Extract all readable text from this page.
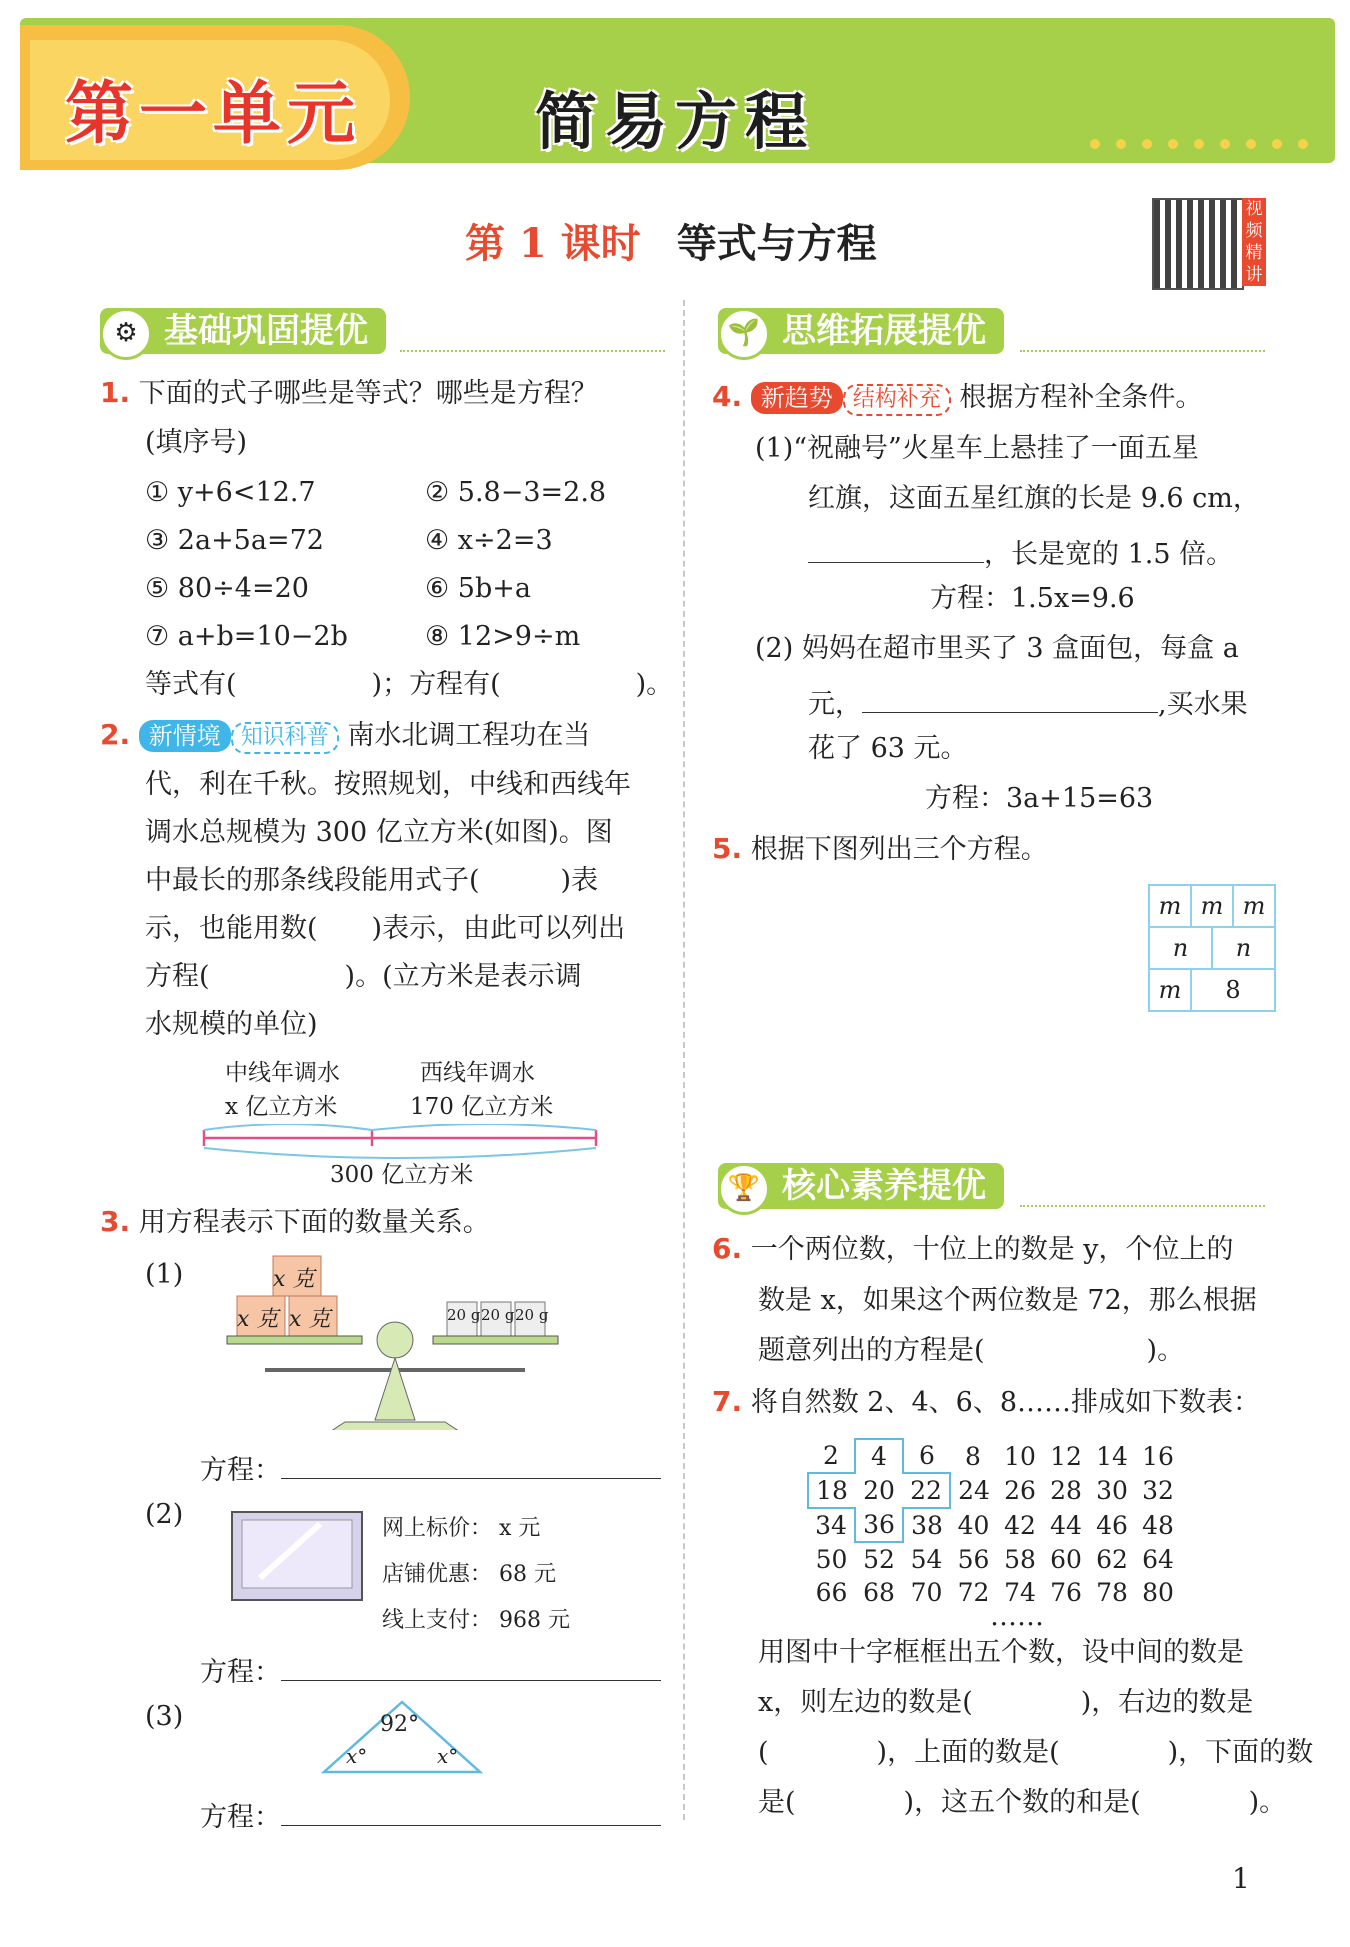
第一单元	简易方程
第 1 课时 等式与方程
视频精讲
基础巩固提优
⚙
1. 下面的式子哪些是等式？哪些是方程？
(填序号)
① y+6<12.7	② 5.8−3=2.8
③ 2a+5a=72	④ x÷2=3
⑤ 80÷4=20	⑥ 5b+a
⑦ a+b=10−2b	⑧ 12>9÷m
等式有(　　　　　)；方程有(　　　　　)。
2. 新情境 知识科普 南水北调工程功在当
代，利在千秋。按照规划，中线和西线年
调水总规模为 300 亿立方米(如图)。图
中最长的那条线段能用式子(　　　)表
示，也能用数(　　)表示，由此可以列出
方程(　　　　　)。(立方米是表示调
水规模的单位)
中线年调水
x 亿立方米
西线年调水
170 亿立方米
300 亿立方米
3. 用方程表示下面的数量关系。
(1)	x 克
x 克 x 克	20 g 20 g 20 g
方程：
(2)	网上标价： x 元
店铺优惠： 68 元
线上支付： 968 元
方程：
(3)	92°
x°	x°
方程：
思维拓展提优
🌱
4. 新趋势 结构补充 根据方程补全条件。
(1)“祝融号”火星车上悬挂了一面五星
红旗，这面五星红旗的长是 9.6 cm，
，长是宽的 1.5 倍。
方程：1.5x=9.6
(2) 妈妈在超市里买了 3 盒面包，每盒 a
元，	,买水果
花了 63 元。
方程：3a+15=63
5. 根据下图列出三个方程。
m	m	m

n	n

m	8
核心素养提优
🏆
6. 一个两位数，十位上的数是 y，个位上的
数是 x，如果这个两位数是 72，那么根据
题意列出的方程是(　　　　　　)。
7. 将自然数 2、4、6、8……排成如下数表：
2	4	6	8	10	12	14	16
18	20	22	24	26	28	30	32
34	36	38	40	42	44	46	48
50	52	54	56	58	60	62	64
66	68	70	72	74	76	78	80
……
用图中十字框框出五个数，设中间的数是
x，则左边的数是(　　　　)，右边的数是
(　　　　)，上面的数是(　　　　)，下面的数
是(　　　　)，这五个数的和是(　　　　)。
1
